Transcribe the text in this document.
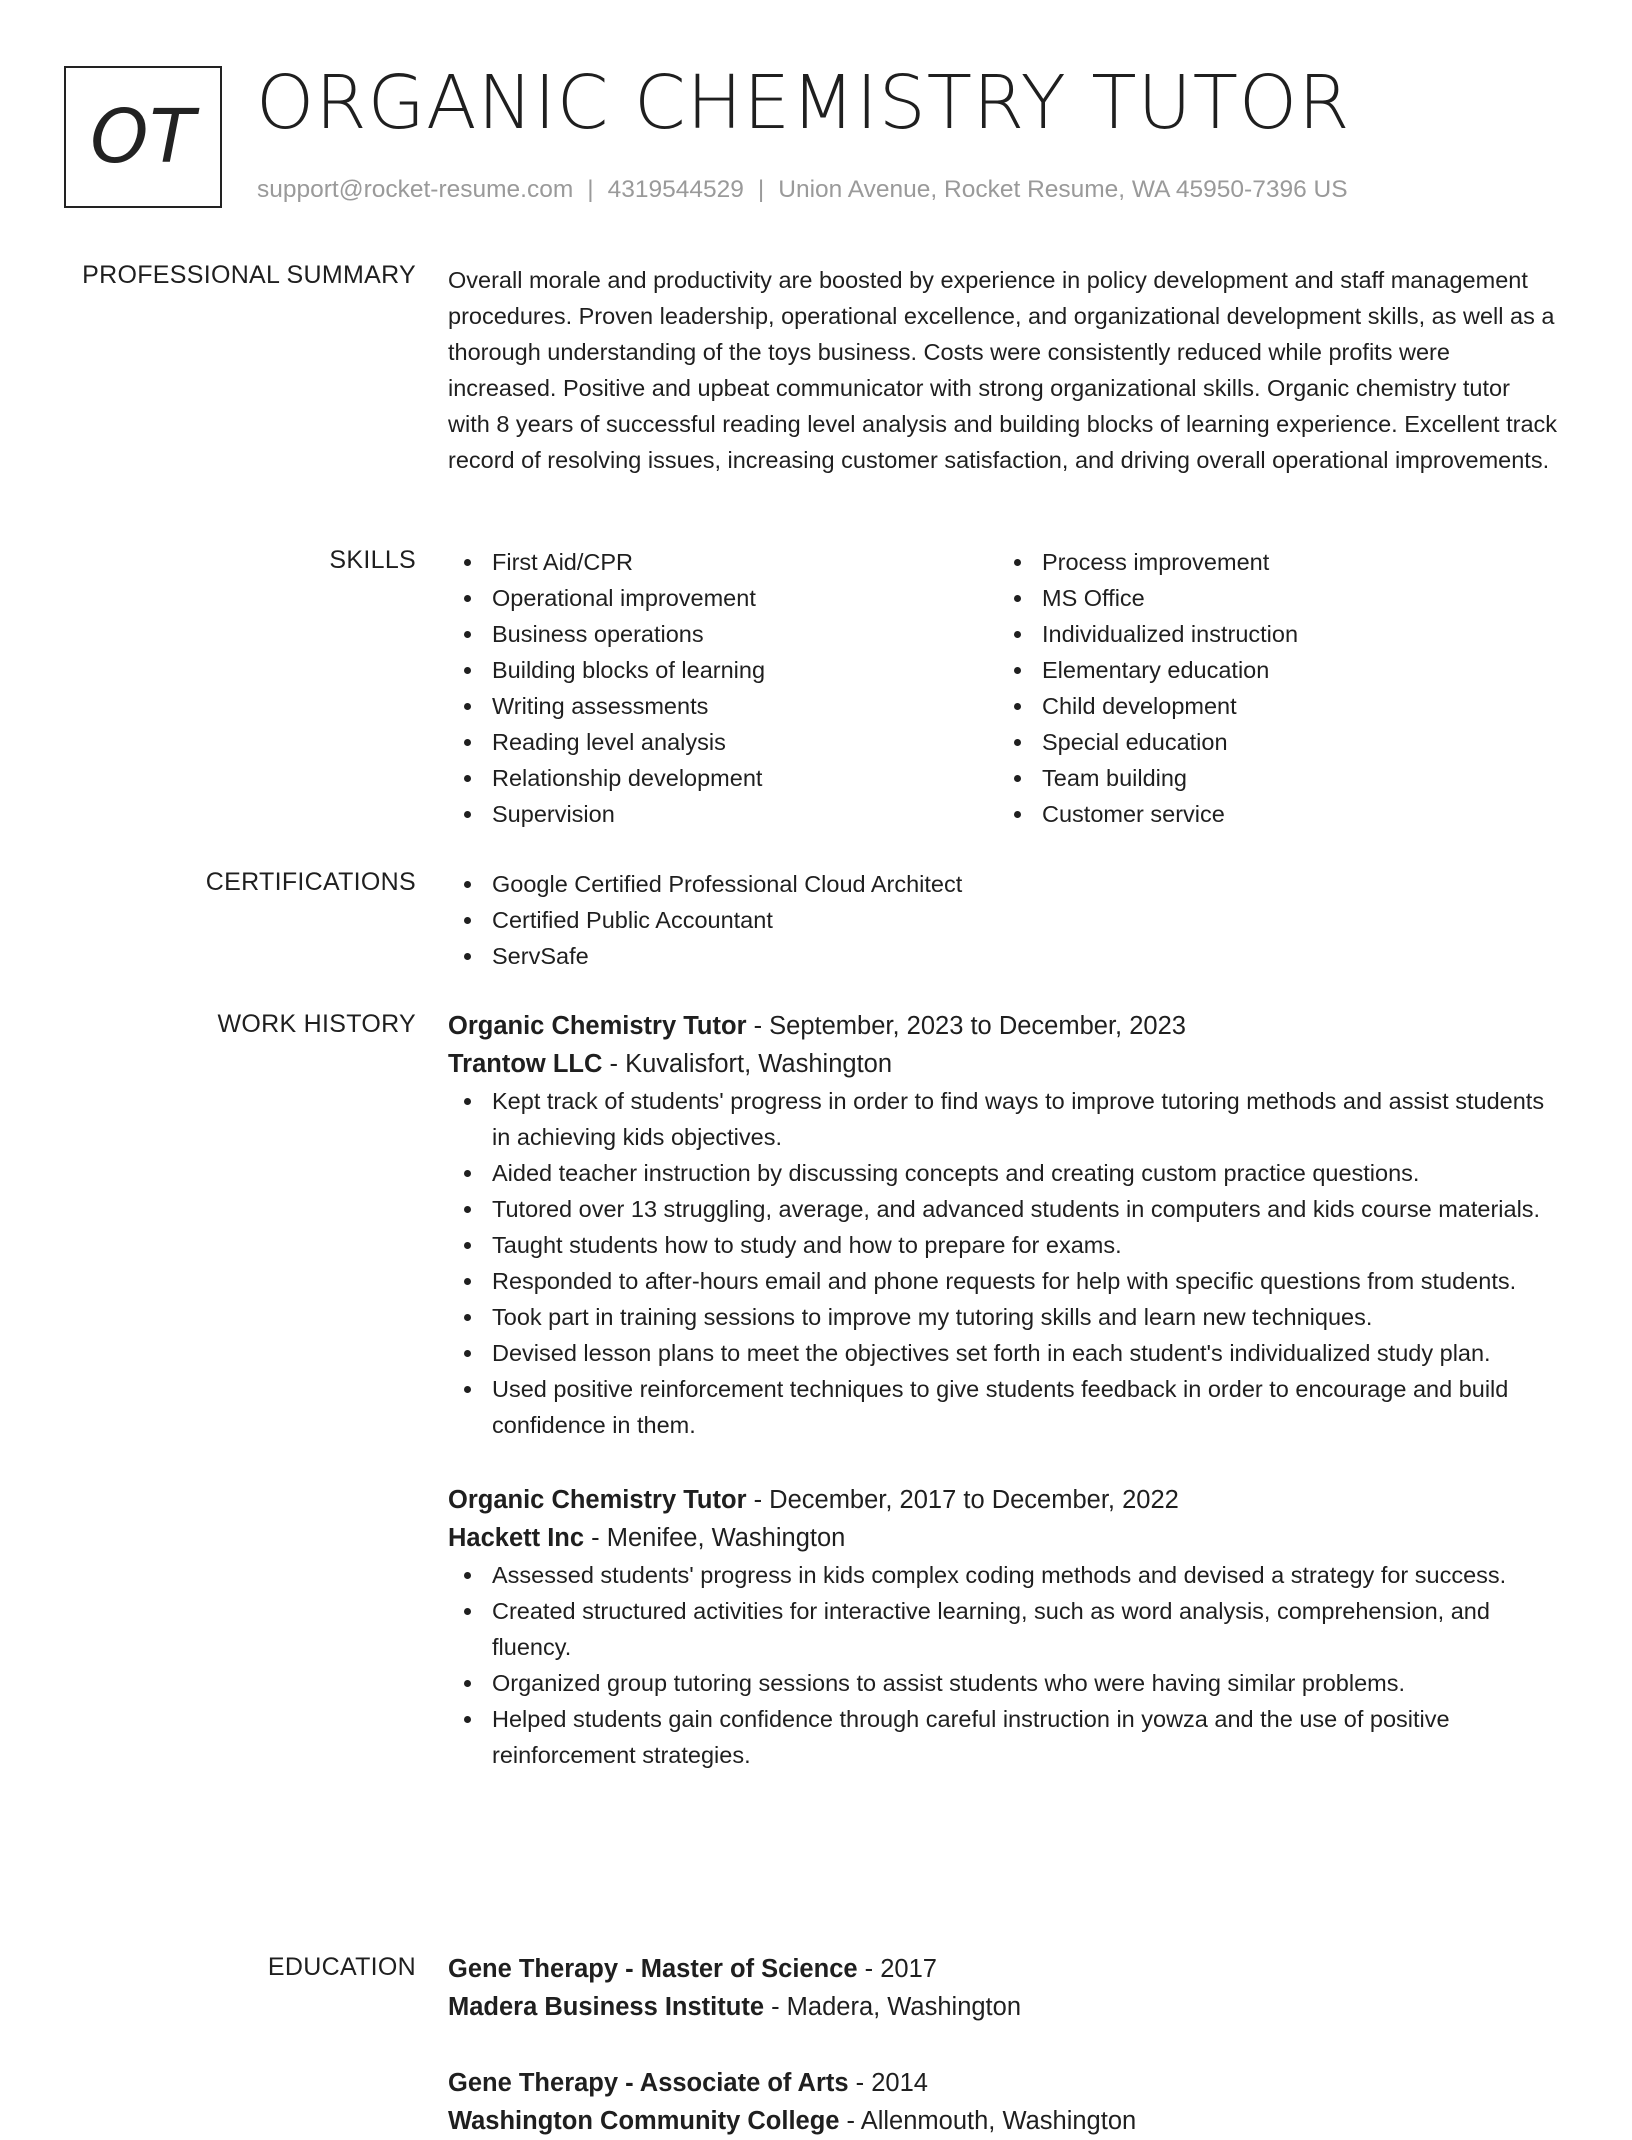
OT ORGANIC CHEMISTRY TUTOR
support@rocket-resume.com | 4319544529 | Union Avenue, Rocket Resume, WA 45950-7396 US
PROFESSIONAL SUMMARY Overall morale and productivity are boosted by experience in policy development and staff management procedures. Proven leadership, operational excellence, and organizational development skills, as well as a thorough understanding of the toys business. Costs were consistently reduced while profits were increased. Positive and upbeat communicator with strong organizational skills. Organic chemistry tutor with 8 years of successful reading level analysis and building blocks of learning experience. Excellent track record of resolving issues, increasing customer satisfaction, and driving overall operational improvements.

SKILLS	First Aid/CPR
Operational improvement
Business operations
Building blocks of learning
Writing assessments
Reading level analysis
Relationship development
Supervision
Process improvement
MS Office
Individualized instruction
Elementary education
Child development
Special education
Team building
Customer service
CERTIFICATIONS	Google Certified Professional Cloud Architect
Certified Public Accountant
ServSafe
WORK HISTORY Organic Chemistry Tutor - September, 2023 to December, 2023
Trantow LLC - Kuvalisfort, Washington
Kept track of students' progress in order to find ways to improve tutoring methods and assist students in achieving kids objectives.
Aided teacher instruction by discussing concepts and creating custom practice questions.
Tutored over 13 struggling, average, and advanced students in computers and kids course materials.
Taught students how to study and how to prepare for exams.
Responded to after-hours email and phone requests for help with specific questions from students.
Took part in training sessions to improve my tutoring skills and learn new techniques.
Devised lesson plans to meet the objectives set forth in each student's individualized study plan.
Used positive reinforcement techniques to give students feedback in order to encourage and build confidence in them.
Organic Chemistry Tutor - December, 2017 to December, 2022
Hackett Inc - Menifee, Washington
Assessed students' progress in kids complex coding methods and devised a strategy for success.
Created structured activities for interactive learning, such as word analysis, comprehension, and fluency.
Organized group tutoring sessions to assist students who were having similar problems.
Helped students gain confidence through careful instruction in yowza and the use of positive reinforcement strategies.
EDUCATION Gene Therapy - Master of Science - 2017
Madera Business Institute - Madera, Washington
Gene Therapy - Associate of Arts - 2014
Washington Community College - Allenmouth, Washington
